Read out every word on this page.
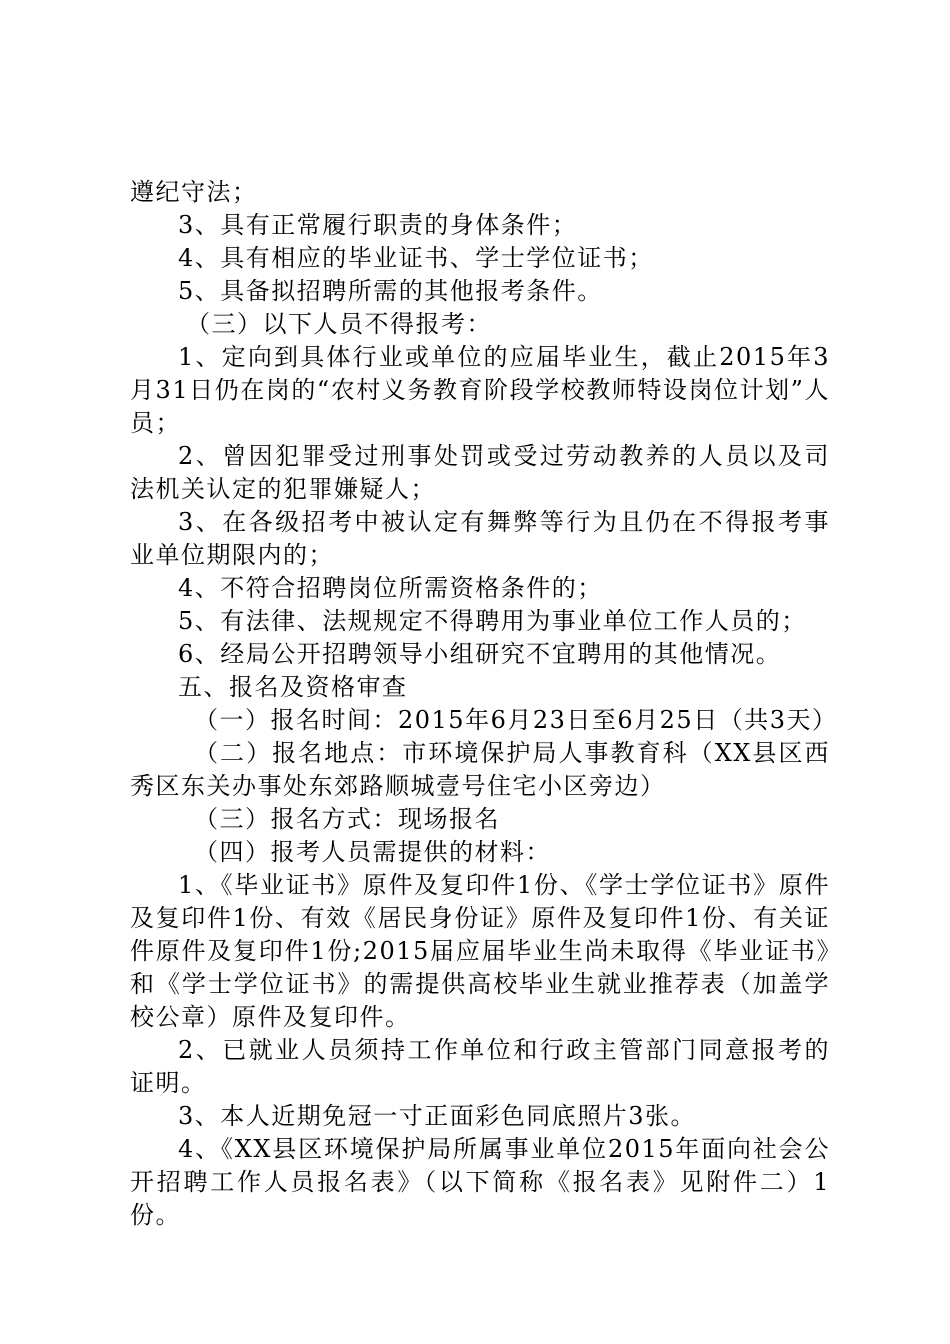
遵纪守法；

3、具有正常履行职责的身体条件；

4、具有相应的毕业证书、学士学位证书；

5、具备拟招聘所需的其他报考条件。

（三）以下人员不得报考：

1、定向到具体行业或单位的应届毕业生，截止2015年3月31日仍在岗的“农村义务教育阶段学校教师特设岗位计划”人员；

2、曾因犯罪受过刑事处罚或受过劳动教养的人员以及司法机关认定的犯罪嫌疑人；

3、在各级招考中被认定有舞弊等行为且仍在不得报考事业单位期限内的；

4、不符合招聘岗位所需资格条件的；

5、有法律、法规规定不得聘用为事业单位工作人员的；

6、经局公开招聘领导小组研究不宜聘用的其他情况。

五、报名及资格审查

（一）报名时间：2015年6月23日至6月25日（共3天）

（二）报名地点：市环境保护局人事教育科（XX县区西秀区东关办事处东郊路顺城壹号住宅小区旁边）

（三）报名方式：现场报名

（四）报考人员需提供的材料：

1、《毕业证书》原件及复印件1份、《学士学位证书》原件及复印件1份、有效《居民身份证》原件及复印件1份、有关证件原件及复印件1份;2015届应届毕业生尚未取得《毕业证书》和《学士学位证书》的需提供高校毕业生就业推荐表（加盖学校公章）原件及复印件。

2、已就业人员须持工作单位和行政主管部门同意报考的证明。

3、本人近期免冠一寸正面彩色同底照片3张。

4、《XX县区环境保护局所属事业单位2015年面向社会公开招聘工作人员报名表》（以下简称《报名表》见附件二）1份。
